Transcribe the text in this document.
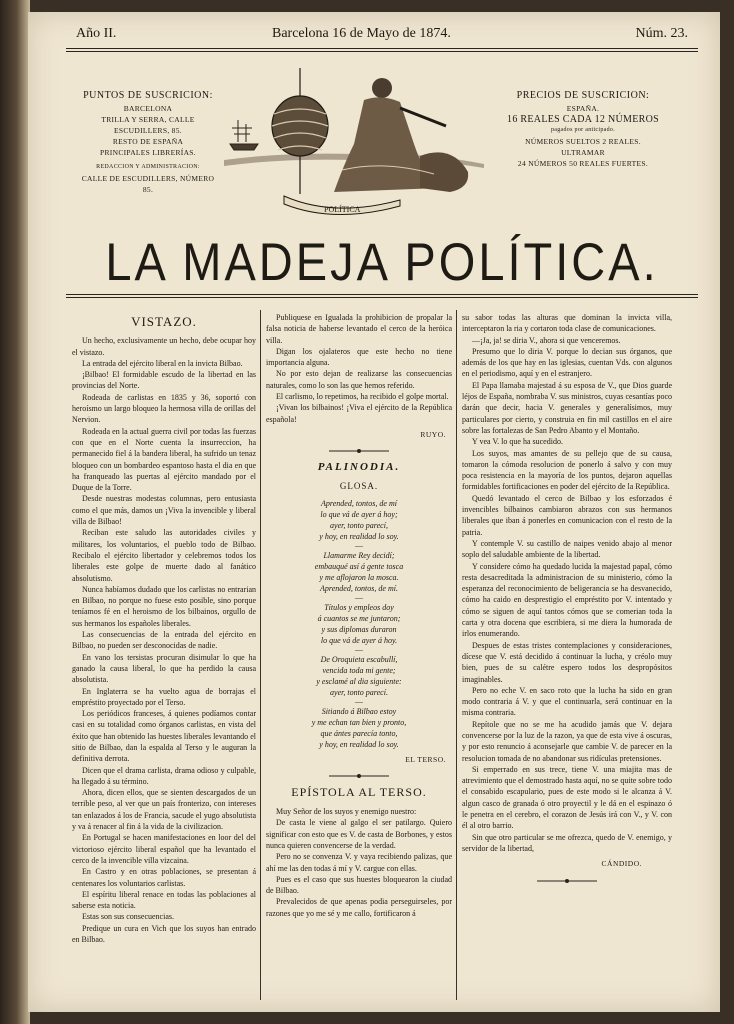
Año II.	Barcelona 16 de Mayo de 1874.	Núm. 23.
PUNTOS DE SUSCRICION:
BARCELONA
TRILLA Y SERRA, CALLE ESCUDILLERS, 85.
RESTO DE ESPAÑA
PRINCIPALES LIBRERÍAS.
REDACCION Y ADMINISTRACION:
CALLE DE ESCUDILLERS, NÚMERO 85.
POLÍTICA
PRECIOS DE SUSCRICION:
ESPAÑA.
16 REALES CADA 12 NÚMEROS
pagados por anticipado.
NÚMEROS SUELTOS 2 REALES.
ULTRAMAR
24 NÚMEROS 50 REALES FUERTES.
LA MADEJA POLÍTICA.

VISTAZO.

Un hecho, exclusivamente un hecho, debe ocupar hoy el vistazo.

La entrada del ejército liberal en la invicta Bilbao.

¡Bilbao! El formidable escudo de la libertad en las provincias del Norte.

Rodeada de carlistas en 1835 y 36, soportó con heroísmo un largo bloqueo la hermosa villa de orillas del Nervion.

Rodeada en la actual guerra civil por todas las fuerzas con que en el Norte cuenta la insurreccion, ha permanecido fiel á la bandera liberal, ha sufrido un tenaz bloqueo con un bombardeo espantoso hasta el dia en que ha franqueado las puertas al ejército mandado por el Duque de la Torre.

Desde nuestras modestas columnas, pero entusiasta como el que más, damos un ¡Viva la invencible y liberal villa de Bilbao!

Reciban este saludo las autoridades civiles y militares, los voluntarios, el pueblo todo de Bilbao. Recibalo el ejército libertador y celebremos todos los liberales este golpe de muerte dado al fanático absolutismo.

Nunca habíamos dudado que los carlistas no entrarian en Bilbao, no porque no fuese esto posible, sino porque teníamos fé en el heroismo de los bilbainos, orgullo de sus hermanos los españoles liberales.

Las consecuencias de la entrada del ejército en Bilbao, no pueden ser desconocidas de nadie.

En vano los tersistas procuran disimular lo que ha ganado la causa liberal, lo que ha perdido la causa absolutista.

En Inglaterra se ha vuelto agua de borrajas el empréstito proyectado por el Terso.

Los periódicos franceses, á quienes podíamos contar casi en su totalidad como órganos carlistas, en vista del éxito que han obtenido las huestes liberales levantando el sitio de Bilbao, dan la espalda al Terso y le auguran la definitiva derrota.

Dicen que el drama carlista, drama odioso y culpable, ha llegado á su término.

Ahora, dicen ellos, que se sienten descargados de un terrible peso, al ver que un país fronterizo, con intereses tan enlazados á los de Francia, sacude el yugo absolutista y va á renacer al fin á la vida de la civilizacion.

En Portugal se hacen manifestaciones en loor del del victorioso ejército liberal español que ha levantado el cerco de la invencible villa vizcaina.

En Castro y en otras poblaciones, se presentan á centenares los voluntarios carlistas.

El espíritu liberal renace en todas las poblaciones al saberse esta noticia.

Estas son sus consecuencias.

Predique un cura en Vich que los suyos han entrado en Bilbao.

Publiquese en Igualada la prohibicion de propalar la falsa noticia de haberse levantado el cerco de la heróica villa.

Digan los ojalateros que este hecho no tiene importancia alguna.

No por esto dejan de realizarse las consecuencias naturales, como lo son las que hemos referido.

El carlismo, lo repetimos, ha recibido el golpe mortal.

¡Vivan los bilbainos! ¡Viva el ejército de la República española!

RUYO.

PALINODIA.

GLOSA.

Aprended, tontos, de mí
lo que vá de ayer á hoy;
ayer, tonto parecí,
y hoy, en realidad lo soy.
—
Llamarme Rey decidí;
embauqué así á gente tosca
y me aflojaron la mosca.
Aprended, tontos, de mí.
—
Títulos y empleos doy
á cuantos se me juntaron;
y sus diplomas duraron
lo que vá de ayer á hoy.
—
De Oroquieta escabullí,
vencida toda mi gente;
y esclamé al dia siguiente:
ayer, tonto parecí.
—
Sitiando á Bilbao estoy
y me echan tan bien y pronto,
que ántes parecía tonto,
y hoy, en realidad lo soy.

EL TERSO.

EPÍSTOLA AL TERSO.

Muy Señor de los suyos y enemigo nuestro:

De casta le viene al galgo el ser patilargo. Quiero significar con esto que es V. de casta de Borbones, y estos nunca quieren convencerse de la verdad.

Pero no se convenza V. y vaya recibiendo palizas, que ahí me las den todas á mí y V. cargue con ellas.

Pues es el caso que sus huestes bloquearon la ciudad de Bilbao.

Prevalecidos de que apenas podia perseguirseles, por razones que yo me sé y me callo, fortificaron á

su sabor todas las alturas que dominan la invicta villa, interceptaron la ria y cortaron toda clase de comunicaciones.

—¡Ja, ja! se diria V., ahora si que venceremos.

Presumo que lo diria V. porque lo decian sus órganos, que además de los que hay en las iglesias, cuentan Vds. con algunos en el periodismo, aquí y en el estranjero.

El Papa llamaba majestad á su esposa de V., que Dios guarde léjos de España, nombraba V. sus ministros, cuyas cesantías poco darán que decir, hacia V. generales y generalísimos, muy particulares por cierto, y construia en fin mil castillos en el aire sobre las fortalezas de San Pedro Abanto y el Montaño.

Y vea V. lo que ha sucedido.

Los suyos, mas amantes de su pellejo que de su causa, tomaron la cómoda resolucion de ponerlo á salvo y con muy poca resistencia en la mayoría de los puntos, dejaron aquellas formidables fortificaciones en poder del ejército de la República.

Quedó levantado el cerco de Bilbao y los esforzados é invencibles bilbainos cambiaron abrazos con sus hermanos liberales que iban á ponerles en comunicacion con el resto de la patria.

Y contemple V. su castillo de naipes venido abajo al menor soplo del saludable ambiente de la libertad.

Y considere cómo ha quedado lucida la majestad papal, cómo resta desacreditada la administracion de su ministerio, cómo la esperanza del reconocimiento de beligerancia se ha desvanecido, cómo ha caido en desprestigio el empréstito por V. intentado y cómo se siguen de aquí tantos cómos que se comerian toda la carta y otra docena que escribiera, si me diera la humorada de irlos enumerando.

Despues de estas tristes contemplaciones y consideraciones, dícese que V. está decidido á continuar la lucha, y créolo muy bien, pues de su calétre espero todos los despropósitos imaginables.

Pero no eche V. en saco roto que la lucha ha sido en gran modo contraria á V. y que el continuarla, será continuar en la misma contraria.

Repítole que no se me ha acudido jamás que V. dejara convencerse por la luz de la razon, ya que de esta vive á oscuras, y por esto renuncio á aconsejarle que cambie V. de parecer en la resolucion tomada de no abandonar sus ridículas pretensiones.

Si emperrado en sus trece, tiene V. una miajita mas de atrevimiento que el demostrado hasta aquí, no se quite sobre todo el consabido escapulario, pues de este modo si le alcanza á V. algun casco de granada ó otro proyectil y le dá en el espinazo ó le penetra en el cerebro, el corazon de Jesús irá con V., y V. con él al otro barrio.

Sin que otro particular se me ofrezca, quedo de V. enemigo, y servidor de la libertad,

CÁNDIDO.
